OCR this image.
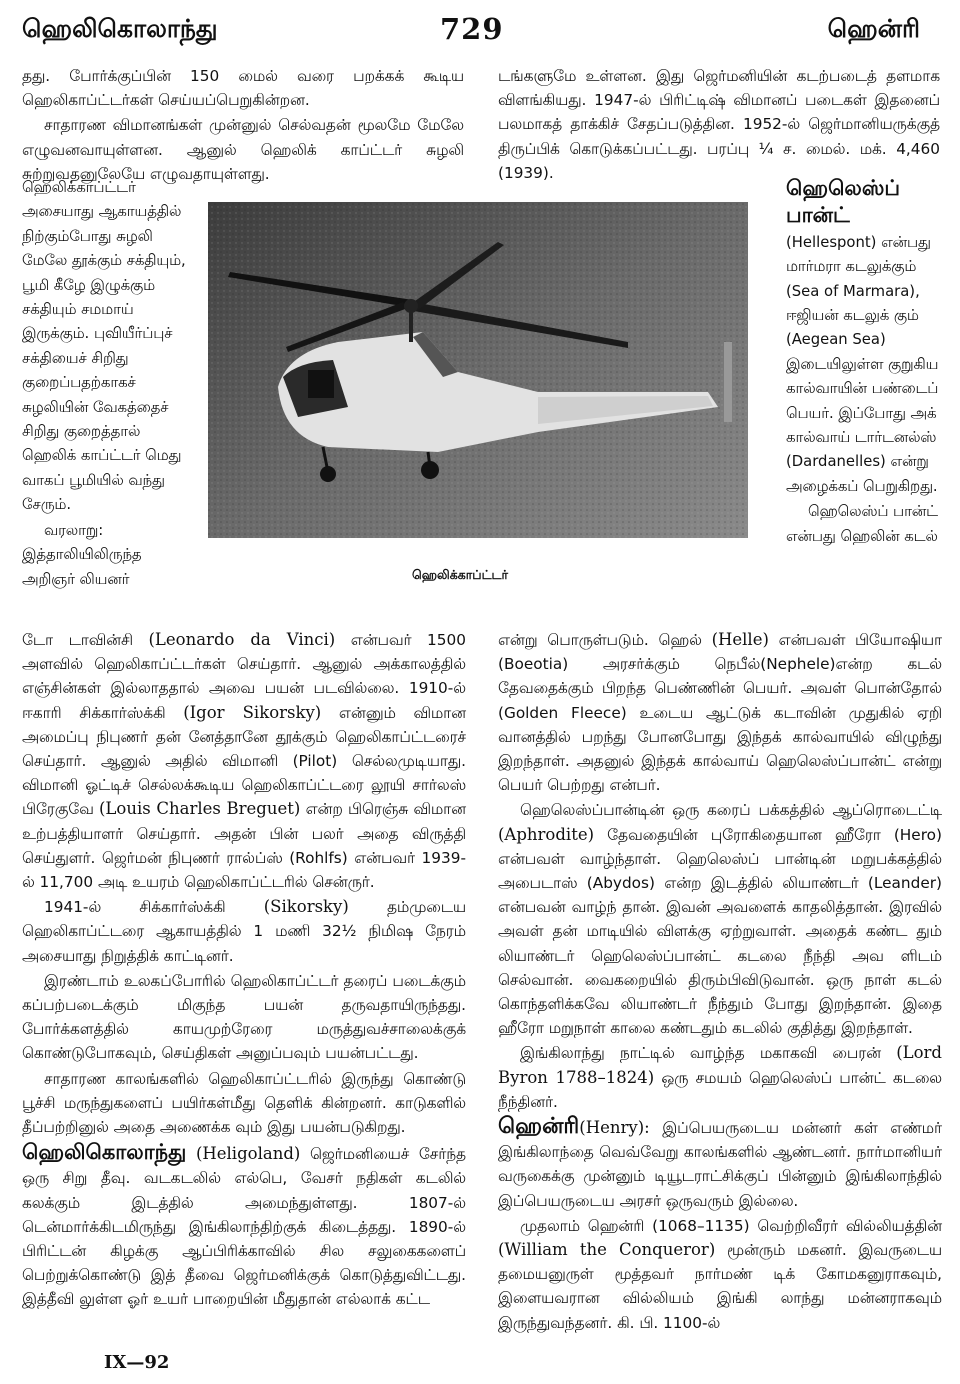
ஹெலிகொலாந்து	729	ஹென்ரி

தது. போர்க்குப்பின் 150 மைல் வரை பறக்கக் கூடிய ஹெலிகாப்ட்டர்கள் செய்யப்பெறுகின்றன.

சாதாரண விமானங்கள் முன்னுல் செல்வதன் மூலமே மேலே எழுவனவாயுள்ளன. ஆனுல் ஹெலிக் காப்ட்டர் சுழலி சுற்றுவதனுலேயே எழுவதாயுள்ளது.

ஹெலிக்காப்ட்டர் அசையாது ஆகாயத்தில் நிற்கும்போது சுழலி மேலே தூக்கும் சக்தியும், பூமி கீழே இழுக்கும் சக்தியும் சமமாய் இருக்கும். புவியீர்ப்புச் சக்தியைச் சிறிது குறைப்பதற்காகச் சுழலியின் வேகத்தைச் சிறிது குறைத்தால் ஹெலிக் காப்ட்டர் மெது வாகப் பூமியில் வந்து சேரும்.

வரலாறு: இத்தாலியிலிருந்த அறிஞர் லியனர்

டோ டாவின்சி (Leonardo da Vinci) என்பவர் 1500 அளவில் ஹெலிகாப்ட்டர்கள் செய்தார். ஆனுல் அக்காலத்தில் எஞ்சின்கள் இல்லாததால் அவை பயன் படவில்லை. 1910-ல் ஈகாரி சிக்கார்ஸ்க்கி (Igor Sikorsky) என்னும் விமான அமைப்பு நிபுணர் தன் னேத்தானே தூக்கும் ஹெலிகாப்ட்டரைச் செய்தார். ஆனுல் அதில் விமானி (Pilot) செல்லமுடியாது. விமானி ஓட்டிச் செல்லக்கூடிய ஹெலிகாப்ட்டரை லூயி சார்லஸ் பிரேகுவே (Louis Charles Breguet) என்ற பிரெஞ்சு விமான உற்பத்தியாளர் செய்தார். அதன் பின் பலர் அதை விருத்தி செய்துளர். ஜெர்மன் நிபுணர் ரால்ப்ஸ் (Rohlfs) என்பவர் 1939-ல் 11,700 அடி உயரம் ஹெலிகாப்ட்டரில் சென்ருர்.

1941-ல் சிக்கார்ஸ்க்கி (Sikorsky) தம்முடைய ஹெலிகாப்ட்டரை ஆகாயத்தில் 1 மணி 32½ நிமிஷ நேரம் அசையாது நிறுத்திக் காட்டினர்.

இரண்டாம் உலகப்போரில் ஹெலிகாப்ட்டர் தரைப் படைக்கும் கப்பற்படைக்கும் மிகுந்த பயன் தருவதாயிருந்தது. போர்க்களத்தில் காயமுற்ரேரை மருத்துவச்சாலைக்குக் கொண்டுபோகவும், செய்திகள் அனுப்பவும் பயன்பட்டது.

சாதாரண காலங்களில் ஹெலிகாப்ட்டரில் இருந்து கொண்டு பூச்சி மருந்துகளைப் பயிர்கள்மீது தெளிக் கின்றனர். காடுகளில் தீப்பற்றினுல் அதை அணைக்க வும் இது பயன்படுகிறது.

ஹெலிகொலாந்து (Heligoland) ஜெர்மனியைச் சேர்ந்த ஒரு சிறு தீவு. வடகடலில் எல்பெ, வேசர் நதிகள் கடலில் கலக்கும் இடத்தில் அமைந்துள்ளது. 1807-ல் டென்மார்க்கிடமிருந்து இங்கிலாந்திற்குக் கிடைத்தது. 1890-ல் பிரிட்டன் கிழக்கு ஆப்பிரிக்காவில் சில சலுகைகளைப் பெற்றுக்கொண்டு இத் தீவை ஜெர்மனிக்குக் கொடுத்துவிட்டது. இத்தீவி லுள்ள ஓர் உயர் பாறையின் மீதுதான் எல்லாக் கட்ட

ஹெலிக்காப்ட்டர்

டங்களுமே உள்ளன. இது ஜெர்மனியின் கடற்படைத் தளமாக விளங்கியது. 1947-ல் பிரிட்டிஷ் விமானப் படைகள் இதனைப் பலமாகத் தாக்கிச் சேதப்படுத்தின. 1952-ல் ஜெர்மானியருக்குத் திருப்பிக் கொடுக்கப்பட்டது. பரப்பு ¼ ச. மைல். மக். 4,460 (1939).

ஹெலெஸ்ப் பான்ட் (Hellespont) என்பது மார்மரா கடலுக்கும் (Sea of Marmara), ஈஜியன் கடலுக் கும் (Aegean Sea) இடையிலுள்ள குறுகிய கால்வாயின் பண்டைப் பெயர். இப்போது அக் கால்வாய் டார்டனல்ஸ் (Dardanelles) என்று அழைக்கப் பெறுகிறது.

ஹெலெஸ்ப் பான்ட் என்பது ஹெலின் கடல்

என்று பொருள்படும். ஹெல் (Helle) என்பவள் பியோஷியா (Boeotia) அரசர்க்கும் நெபீல்(Nephele)என்ற கடல் தேவதைக்கும் பிறந்த பெண்ணின் பெயர். அவள் பொன்தோல் (Golden Fleece) உடைய ஆட்டுக் கடாவின் முதுகில் ஏறி வானத்தில் பறந்து போனபோது இந்தக் கால்வாயில் விழுந்து இறந்தாள். அதனுல் இந்தக் கால்வாய் ஹெலெஸ்ப்பான்ட் என்று பெயர் பெற்றது என்பர்.

ஹெலெஸ்ப்பான்டின் ஒரு கரைப் பக்கத்தில் ஆப்ரொடைட்டி (Aphrodite) தேவதையின் புரோகிதையான ஹீரோ (Hero) என்பவள் வாழ்ந்தாள். ஹெலெஸ்ப் பான்டின் மறுபக்கத்தில் அபைடாஸ் (Abydos) என்ற இடத்தில் லியாண்டர் (Leander) என்பவன் வாழ்ந் தான். இவன் அவளைக் காதலித்தான். இரவில் அவள் தன் மாடியில் விளக்கு ஏற்றுவாள். அதைக் கண்ட தும் லியாண்டர் ஹெலெஸ்ப்பான்ட் கடலை நீந்தி அவ ளிடம் செல்வான். வைகறையில் திரும்பிவிடுவான். ஒரு நாள் கடல் கொந்தளிக்கவே லியாண்டர் நீந்தும் போது இறந்தான். இதை ஹீரோ மறுநாள் காலை கண்டதும் கடலில் குதித்து இறந்தாள்.

இங்கிலாந்து நாட்டில் வாழ்ந்த மகாகவி பைரன் (Lord Byron 1788–1824) ஒரு சமயம் ஹெலெஸ்ப் பான்ட் கடலை நீந்தினர்.

ஹென்ரி(Henry): இப்பெயருடைய மன்னர் கள் எண்மர் இங்கிலாந்தை வெவ்வேறு காலங்களில் ஆண்டனர். நார்மானியர் வருகைக்கு முன்னும் டியூடராட்சிக்குப் பின்னும் இங்கிலாந்தில் இப்பெயருடைய அரசர் ஒருவரும் இல்லை.

முதலாம் ஹென்ரி (1068–1135) வெற்றிவீரர் வில்லியத்தின் (William the Conqueror) மூன்ரும் மகனர். இவருடைய தமையனுருள் மூத்தவர் நார்மண் டிக் கோமகனுராகவும், இளையவரான வில்லியம் இங்கி லாந்து மன்னராகவும் இருந்துவந்தனர். கி. பி. 1100-ல்

IX—92
